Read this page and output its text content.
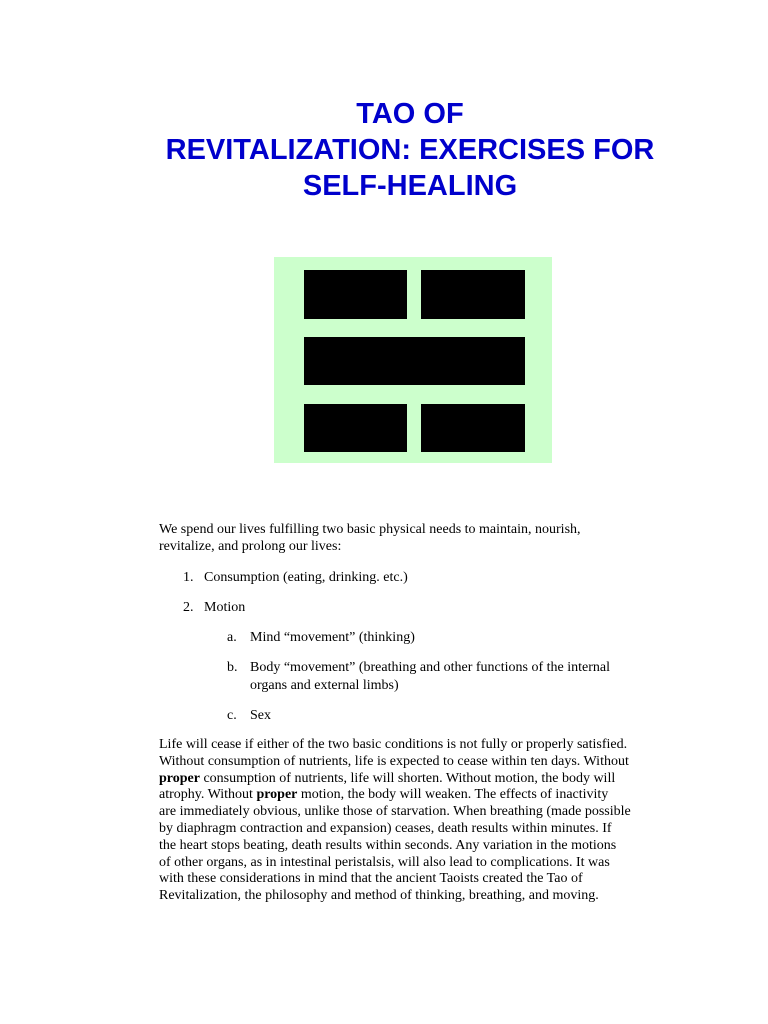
TAO OF
REVITALIZATION: EXERCISES FOR
SELF-HEALING
We spend our lives fulfilling two basic physical needs to maintain, nourish,
revitalize, and prolong our lives:
1. Consumption (eating, drinking. etc.)
2. Motion
a. Mind “movement” (thinking)
b. Body “movement” (breathing and other functions of the internal
organs and external limbs)
c. Sex
Life will cease if either of the two basic conditions is not fully or properly satisfied.
Without consumption of nutrients, life is expected to cease within ten days. Without
proper consumption of nutrients, life will shorten. Without motion, the body will
atrophy. Without proper motion, the body will weaken. The effects of inactivity
are immediately obvious, unlike those of starvation. When breathing (made possible
by diaphragm contraction and expansion) ceases, death results within minutes. If
the heart stops beating, death results within seconds. Any variation in the motions
of other organs, as in intestinal peristalsis, will also lead to complications. It was
with these considerations in mind that the ancient Taoists created the Tao of
Revitalization, the philosophy and method of thinking, breathing, and moving.
